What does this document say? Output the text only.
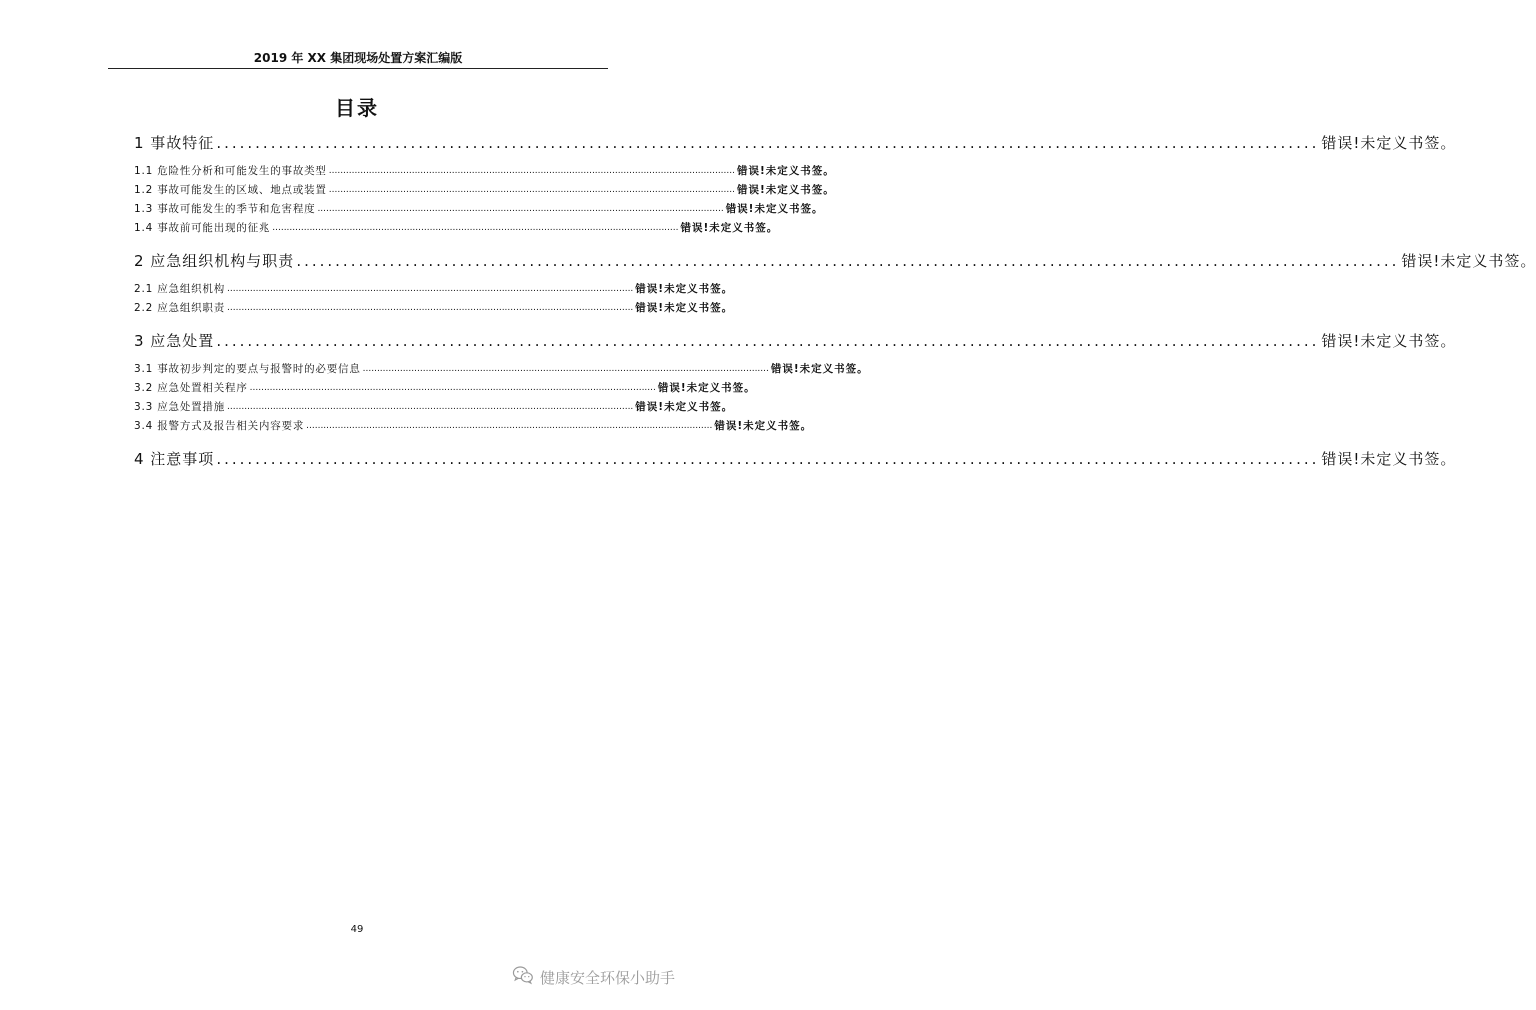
2019 年 XX 集团现场处置方案汇编版
目录
1 事故特征 .............................................................................................................................................. 错误!未定义书签。
1.1 危险性分析和可能发生的事故类型 .............................................................................................................................................. 错误!未定义书签。
1.2 事故可能发生的区域、地点或装置 .............................................................................................................................................. 错误!未定义书签。
1.3 事故可能发生的季节和危害程度 .............................................................................................................................................. 错误!未定义书签。
1.4 事故前可能出现的征兆 .............................................................................................................................................. 错误!未定义书签。
2 应急组织机构与职责 .............................................................................................................................................. 错误!未定义书签。
2.1 应急组织机构 .............................................................................................................................................. 错误!未定义书签。
2.2 应急组织职责 .............................................................................................................................................. 错误!未定义书签。
3 应急处置 .............................................................................................................................................. 错误!未定义书签。
3.1 事故初步判定的要点与报警时的必要信息 .............................................................................................................................................. 错误!未定义书签。
3.2 应急处置相关程序 .............................................................................................................................................. 错误!未定义书签。
3.3 应急处置措施 .............................................................................................................................................. 错误!未定义书签。
3.4 报警方式及报告相关内容要求 .............................................................................................................................................. 错误!未定义书签。
4 注意事项 .............................................................................................................................................. 错误!未定义书签。
49
健康安全环保小助手
